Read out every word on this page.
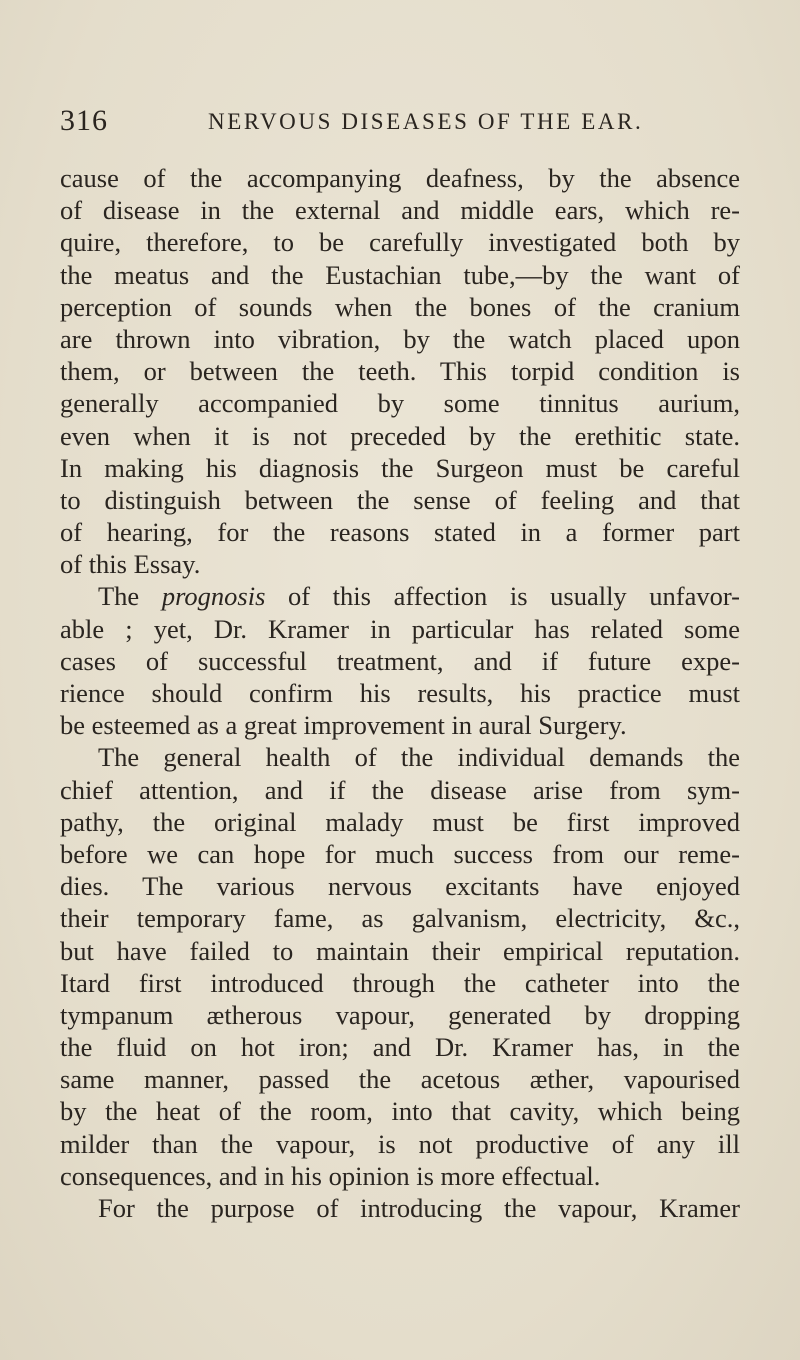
316	NERVOUS DISEASES OF THE EAR.
cause of the accompanying deafness, by the absence
of disease in the external and middle ears, which re-
quire, therefore, to be carefully investigated both by
the meatus and the Eustachian tube,—by the want of
perception of sounds when the bones of the cranium
are thrown into vibration, by the watch placed upon
them, or between the teeth. This torpid condition is
generally accompanied by some tinnitus aurium,
even when it is not preceded by the erethitic state.
In making his diagnosis the Surgeon must be careful
to distinguish between the sense of feeling and that
of hearing, for the reasons stated in a former part
of this Essay.
The prognosis of this affection is usually unfavor-
able ; yet, Dr. Kramer in particular has related some
cases of successful treatment, and if future expe-
rience should confirm his results, his practice must
be esteemed as a great improvement in aural Surgery.
The general health of the individual demands the
chief attention, and if the disease arise from sym-
pathy, the original malady must be first improved
before we can hope for much success from our reme-
dies. The various nervous excitants have enjoyed
their temporary fame, as galvanism, electricity, &c.,
but have failed to maintain their empirical reputation.
Itard first introduced through the catheter into the
tympanum ætherous vapour, generated by dropping
the fluid on hot iron; and Dr. Kramer has, in the
same manner, passed the acetous æther, vapourised
by the heat of the room, into that cavity, which being
milder than the vapour, is not productive of any ill
consequences, and in his opinion is more effectual.
For the purpose of introducing the vapour, Kramer
